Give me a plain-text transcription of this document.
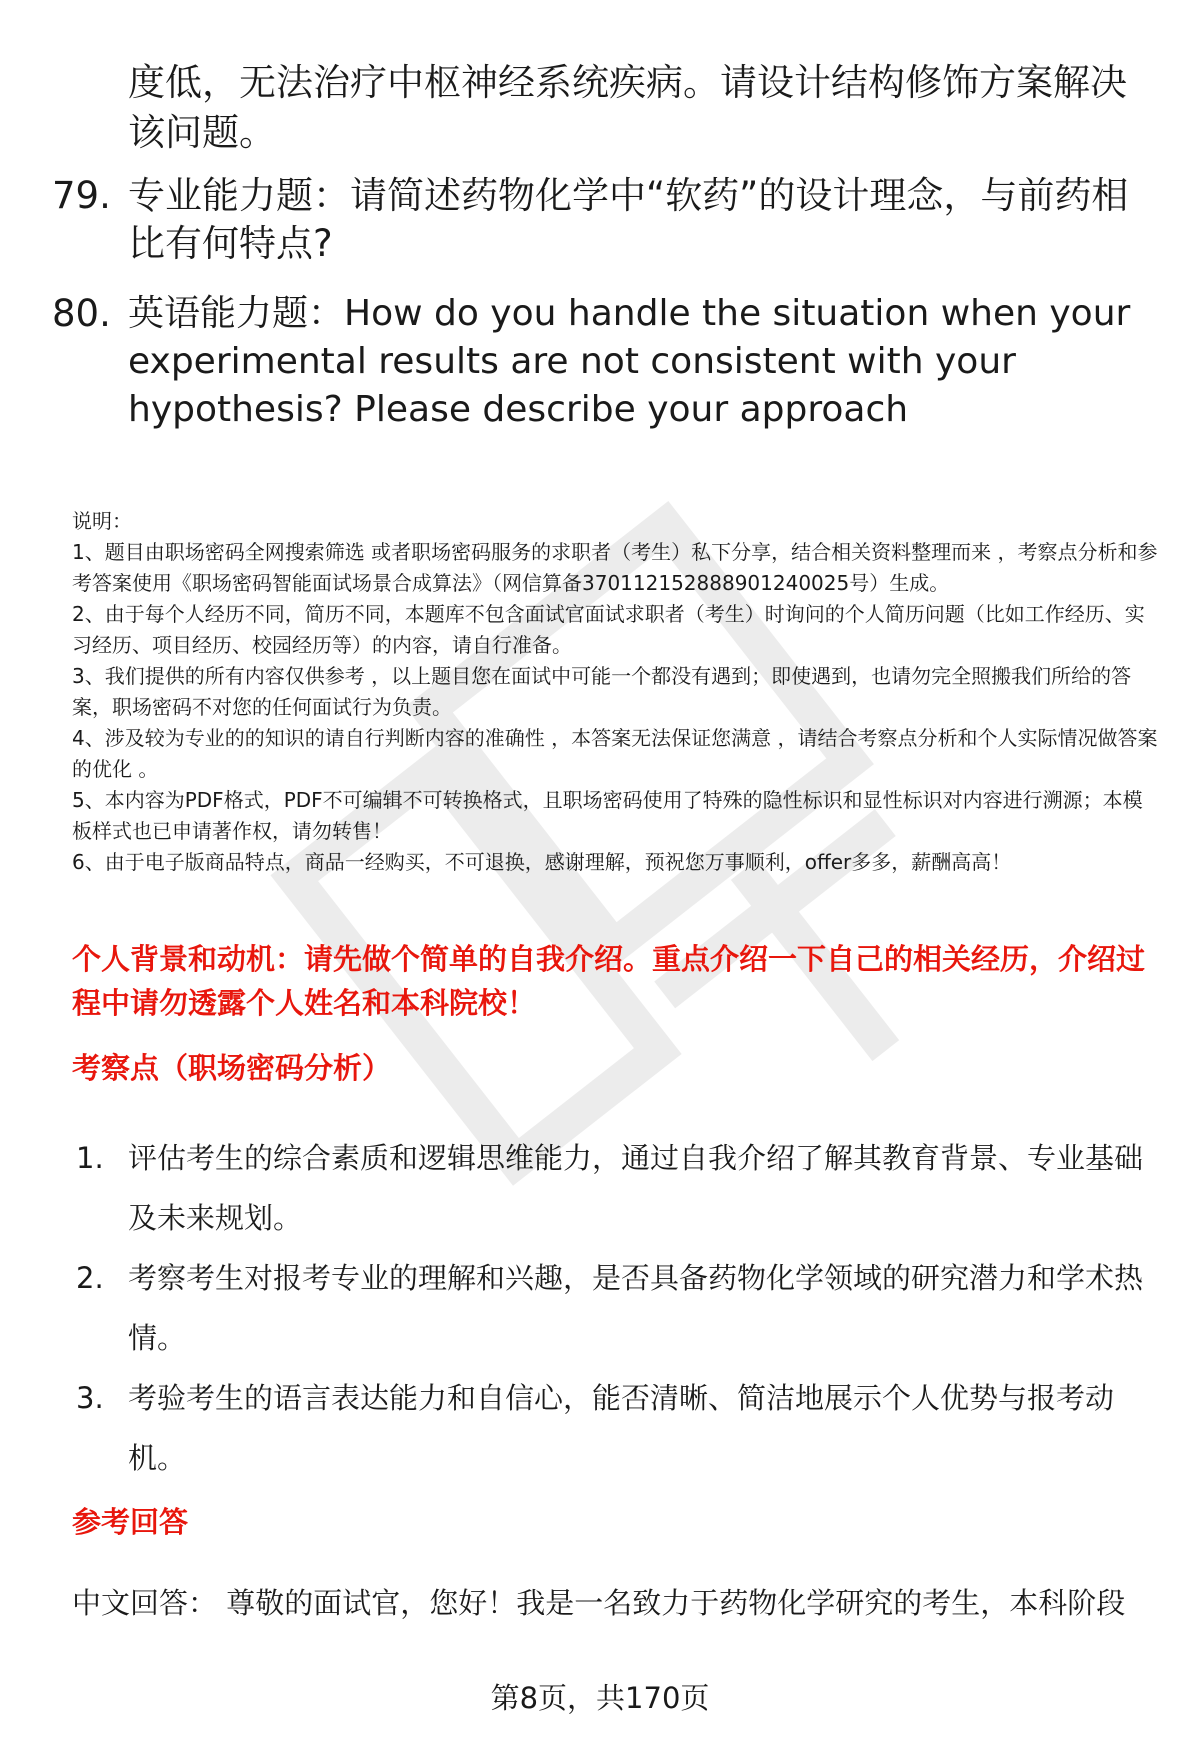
度低，无法治疗中枢神经系统疾病。请设计结构修饰方案解决该问题。
79. 专业能力题：请简述药物化学中“软药”的设计理念，与前药相比有何特点?
80. 英语能力题：How do you handle the situation when your experimental results are not consistent with your hypothesis? Please describe your approach

说明：

1、题目由职场密码全网搜索筛选 或者职场密码服务的求职者（考生）私下分享，结合相关资料整理而来 ，考察点分析和参考答案使用《职场密码智能面试场景合成算法》（网信算备370112152888901240025号）生成。

2、由于每个人经历不同，简历不同，本题库不包含面试官面试求职者（考生）时询问的个人简历问题（比如工作经历、实习经历、项目经历、校园经历等）的内容，请自行准备。

3、我们提供的所有内容仅供参考 ，以上题目您在面试中可能一个都没有遇到；即使遇到，也请勿完全照搬我们所给的答案，职场密码不对您的任何面试行为负责。

4、涉及较为专业的的知识的请自行判断内容的准确性 ，本答案无法保证您满意 ，请结合考察点分析和个人实际情况做答案的优化 。

5、本内容为PDF格式，PDF不可编辑不可转换格式，且职场密码使用了特殊的隐性标识和显性标识对内容进行溯源；本模板样式也已申请著作权，请勿转售！

6、由于电子版商品特点，商品一经购买，不可退换，感谢理解，预祝您万事顺利，offer多多，薪酬高高！

个人背景和动机：请先做个简单的自我介绍。重点介绍一下自己的相关经历，介绍过程中请勿透露个人姓名和本科院校！
考察点（职场密码分析）
1. 评估考生的综合素质和逻辑思维能力，通过自我介绍了解其教育背景、专业基础及未来规划。
2. 考察考生对报考专业的理解和兴趣，是否具备药物化学领域的研究潜力和学术热情。
3. 考验考生的语言表达能力和自信心，能否清晰、简洁地展示个人优势与报考动机。
参考回答
中文回答： 尊敬的面试官，您好！我是一名致力于药物化学研究的考生，本科阶段
第8页，共170页
